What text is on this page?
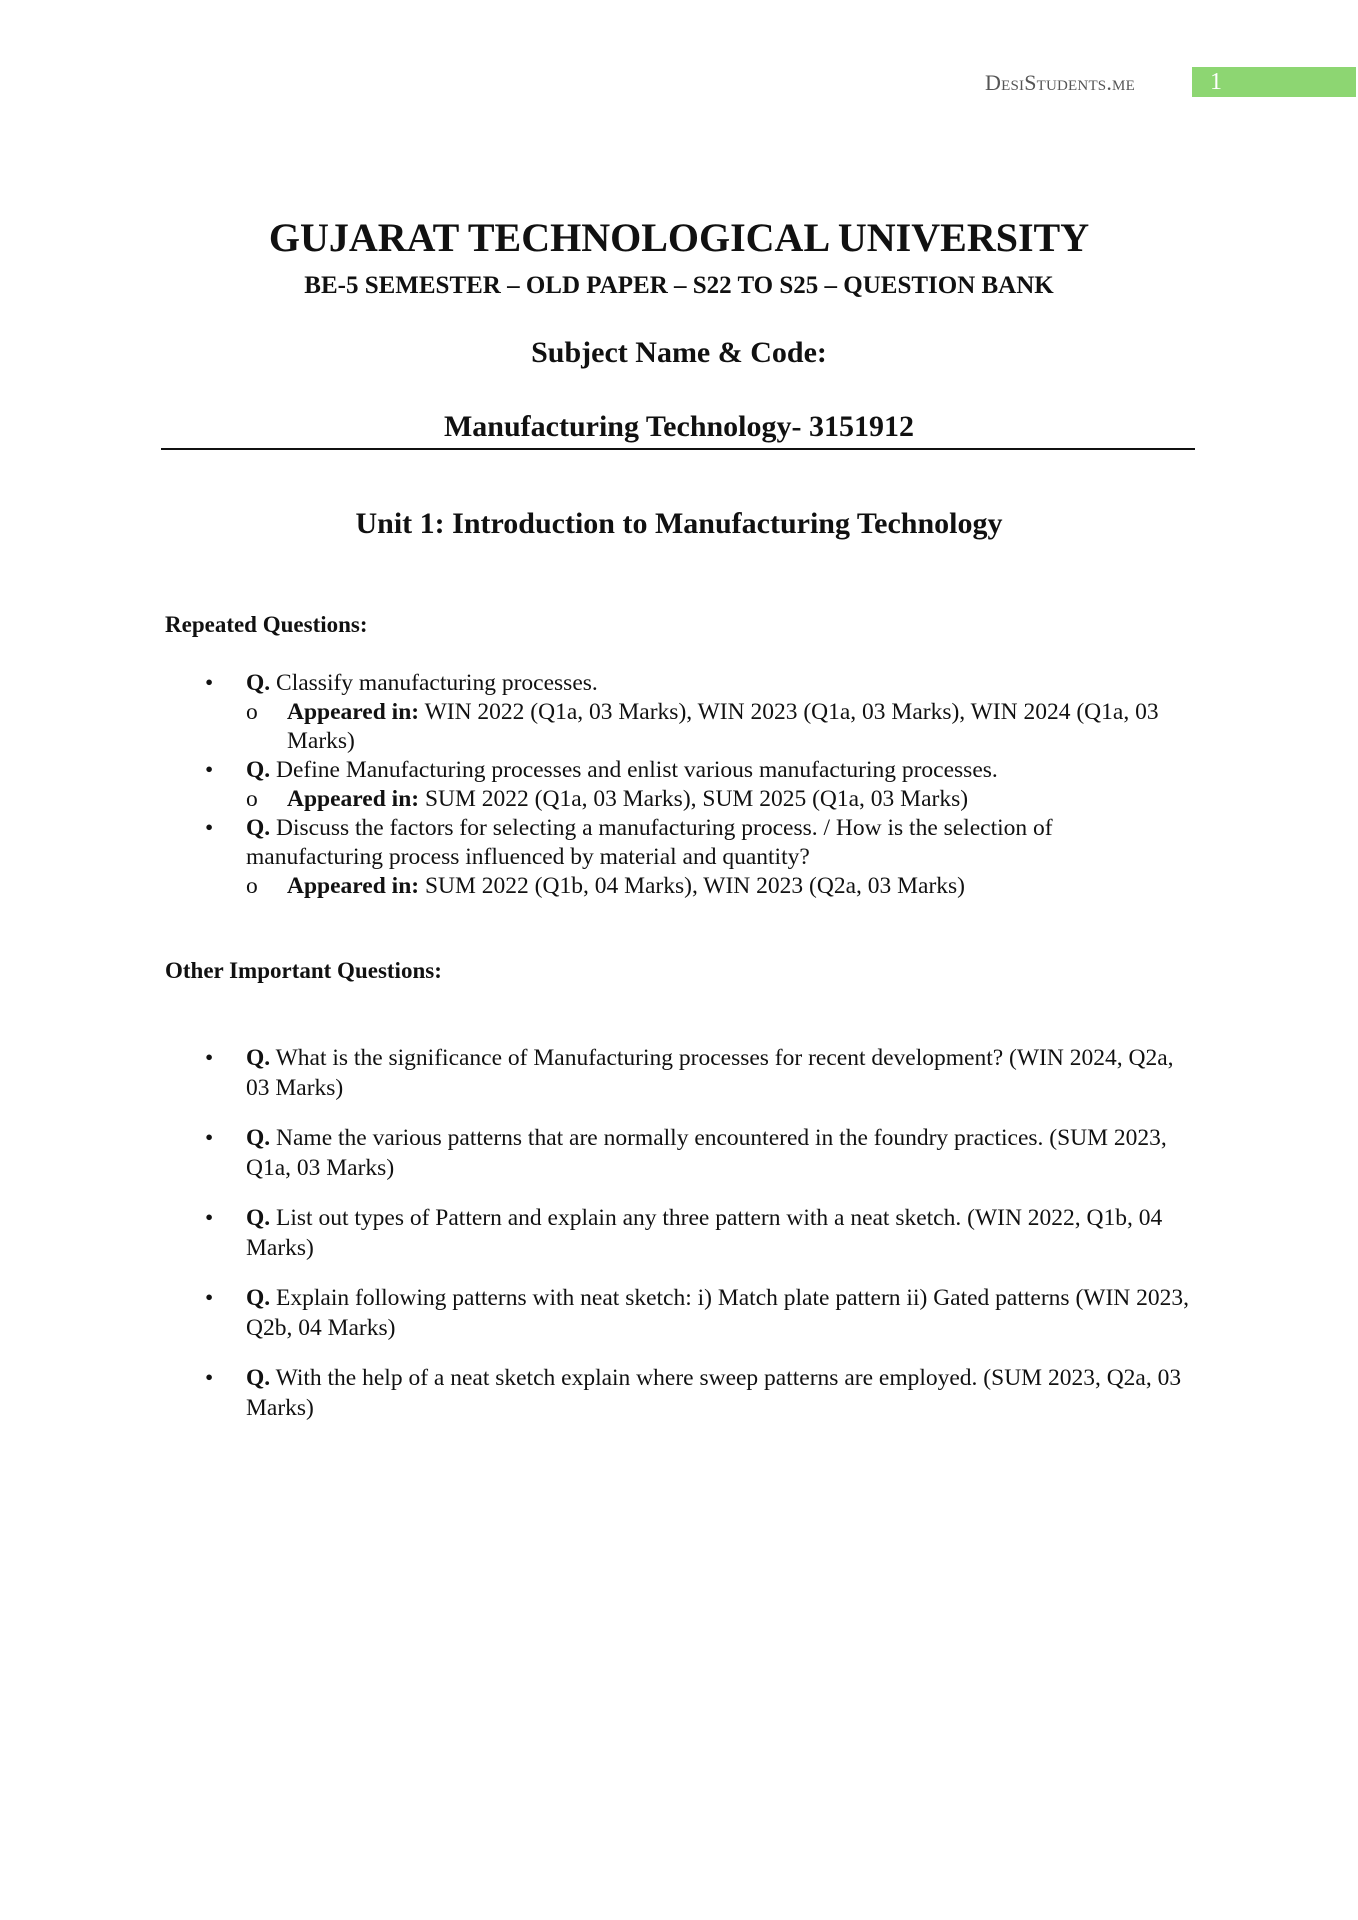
DesiStudents.me	1
GUJARAT TECHNOLOGICAL UNIVERSITY
BE-5 SEMESTER – OLD PAPER – S22 TO S25 – QUESTION BANK
Subject Name & Code:
Manufacturing Technology- 3151912
Unit 1: Introduction to Manufacturing Technology
Repeated Questions:
• Q. Classify manufacturing processes.
o Appeared in: WIN 2022 (Q1a, 03 Marks), WIN 2023 (Q1a, 03 Marks), WIN 2024 (Q1a, 03 Marks)
• Q. Define Manufacturing processes and enlist various manufacturing processes.
o Appeared in: SUM 2022 (Q1a, 03 Marks), SUM 2025 (Q1a, 03 Marks)
• Q. Discuss the factors for selecting a manufacturing process. / How is the selection of manufacturing process influenced by material and quantity?
o Appeared in: SUM 2022 (Q1b, 04 Marks), WIN 2023 (Q2a, 03 Marks)
Other Important Questions:
• Q. What is the significance of Manufacturing processes for recent development? (WIN 2024, Q2a, 03 Marks)
• Q. Name the various patterns that are normally encountered in the foundry practices. (SUM 2023, Q1a, 03 Marks)
• Q. List out types of Pattern and explain any three pattern with a neat sketch. (WIN 2022, Q1b, 04 Marks)
• Q. Explain following patterns with neat sketch: i) Match plate pattern ii) Gated patterns (WIN 2023, Q2b, 04 Marks)
• Q. With the help of a neat sketch explain where sweep patterns are employed. (SUM 2023, Q2a, 03 Marks)
